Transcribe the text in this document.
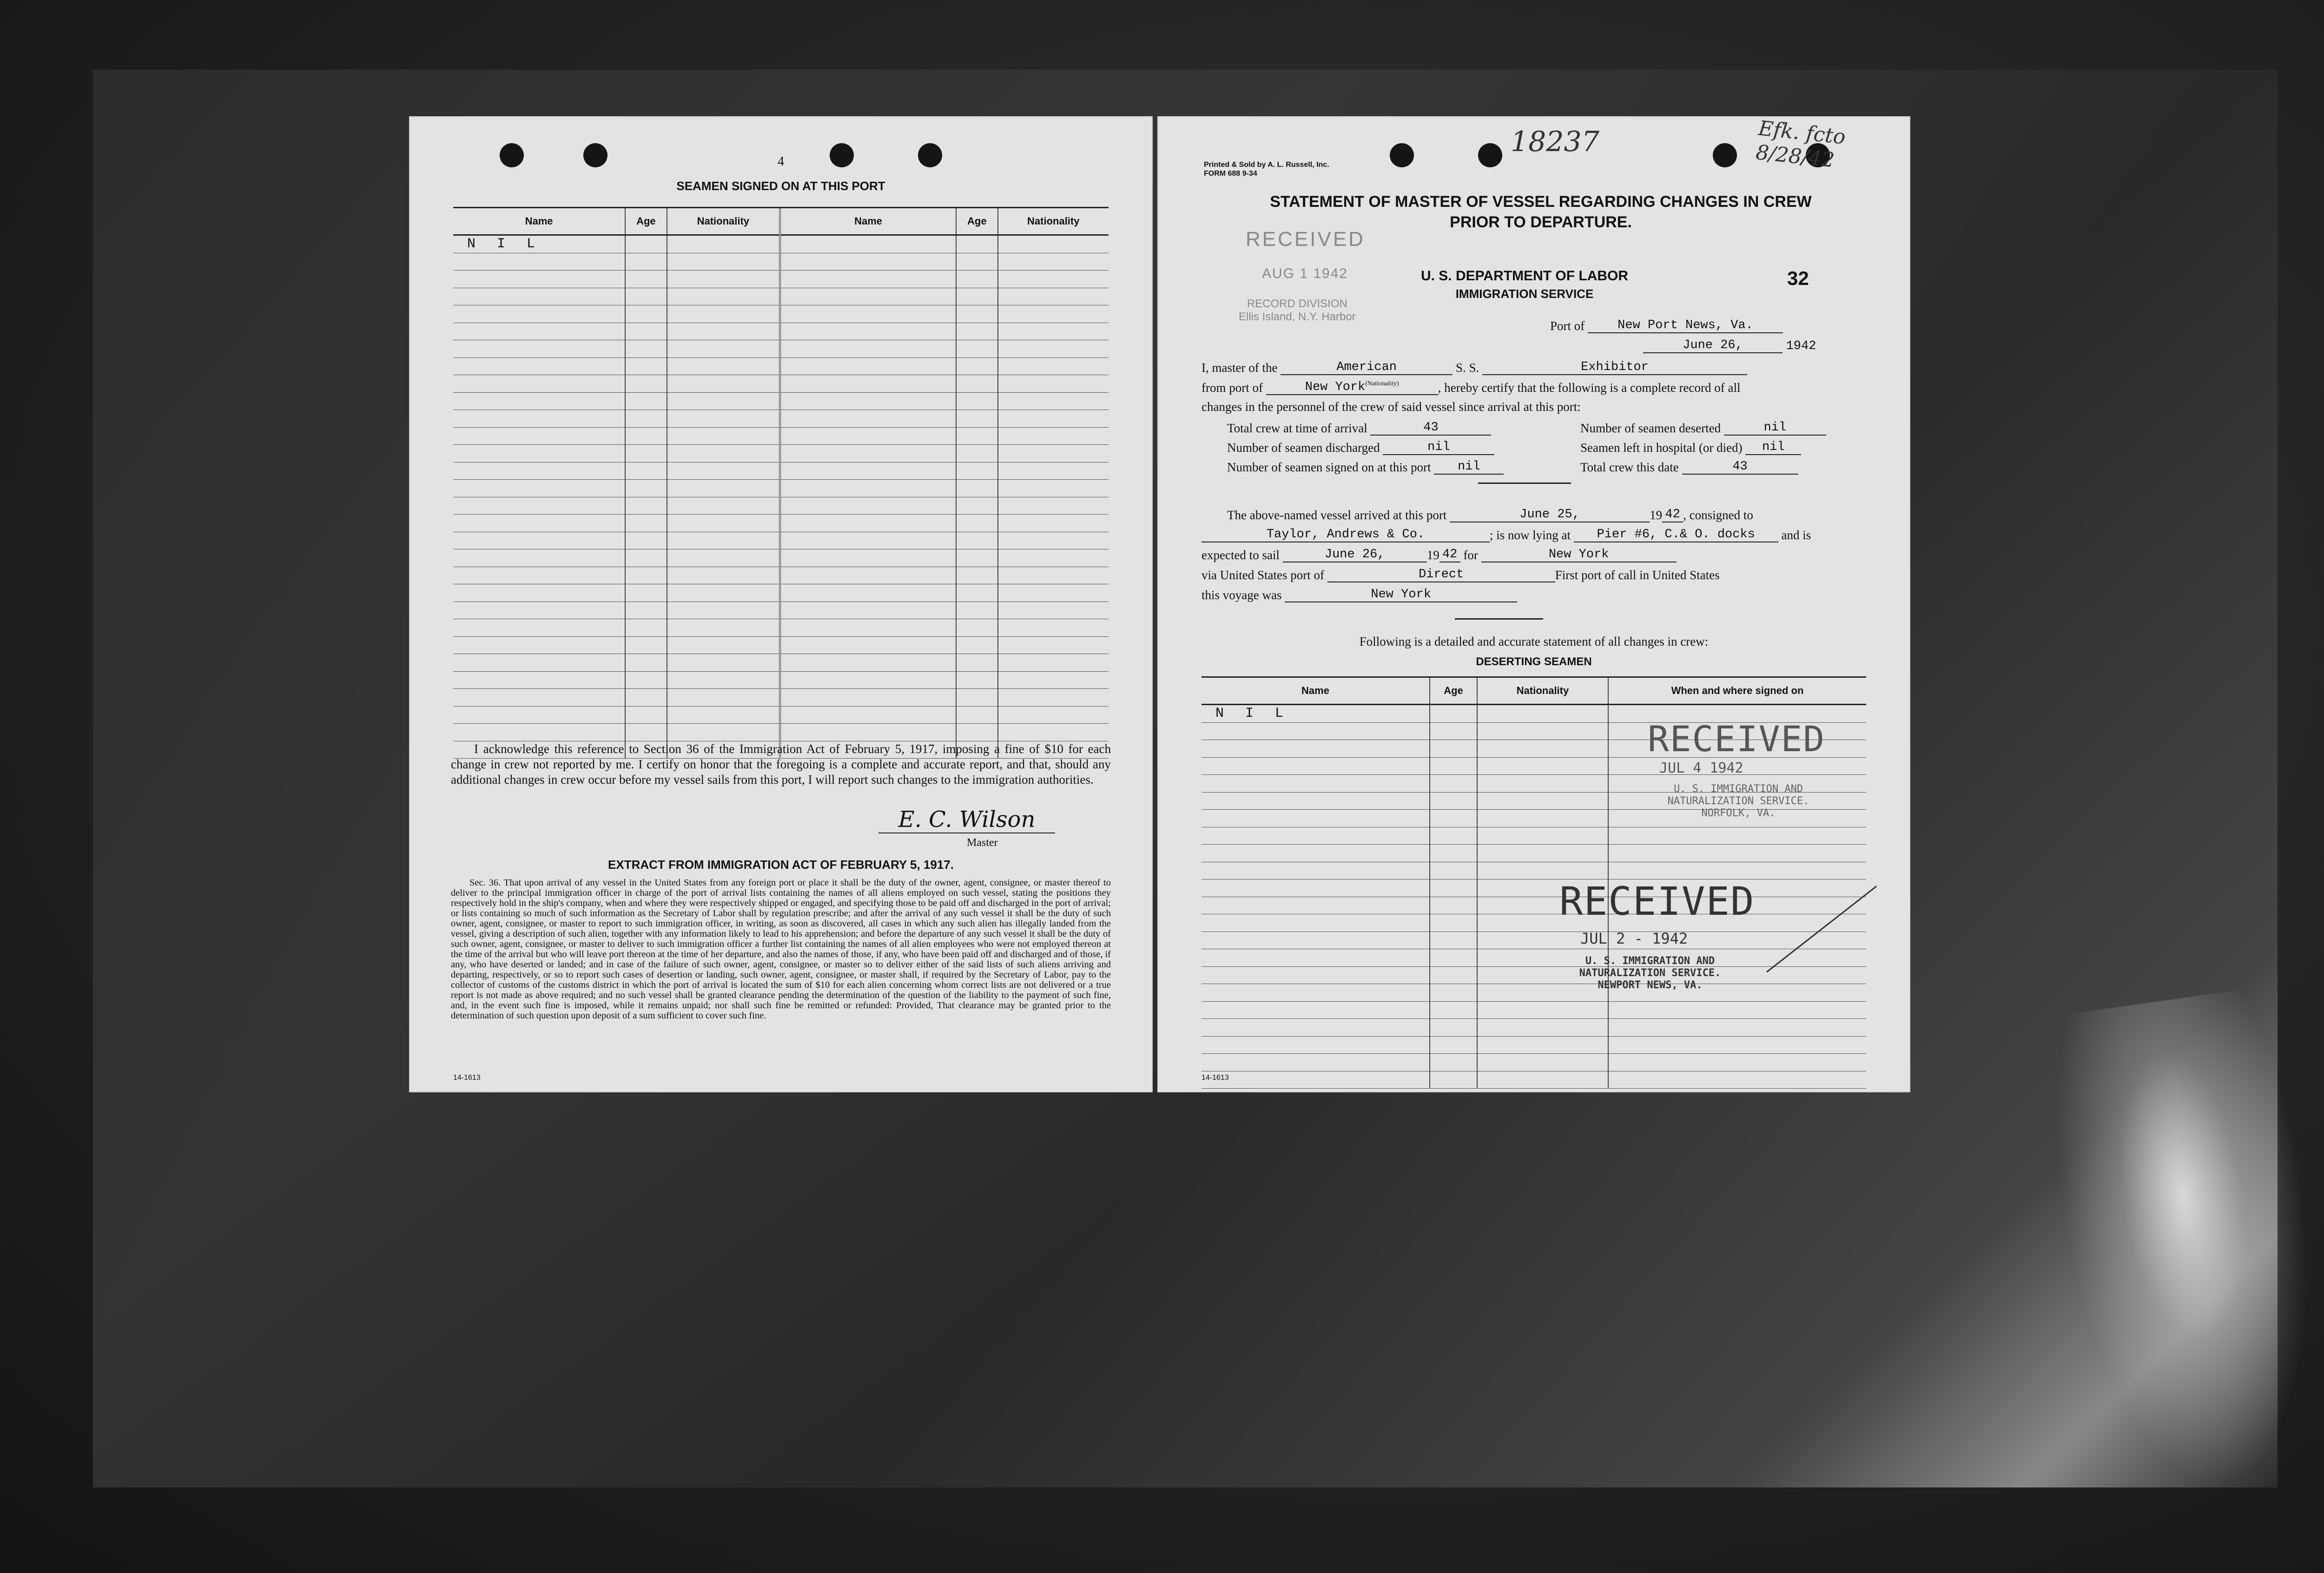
4
SEAMEN SIGNED ON AT THIS PORT
Name	Age	Nationality	Name	Age	Nationality
N I L					

I acknowledge this reference to Section 36 of the Immigration Act of February 5, 1917, imposing a fine of $10 for each change in crew not reported by me. I certify on honor that the foregoing is a complete and accurate report, and that, should any additional changes in crew occur before my vessel sails from this port, I will report such changes to the immigration authorities.
E. C. Wilson
Master
EXTRACT FROM IMMIGRATION ACT OF FEBRUARY 5, 1917.
Sec. 36. That upon arrival of any vessel in the United States from any foreign port or place it shall be the duty of the owner, agent, consignee, or master thereof to deliver to the principal immigration officer in charge of the port of arrival lists containing the names of all aliens employed on such vessel, stating the positions they respectively hold in the ship's company, when and where they were respectively shipped or engaged, and specifying those to be paid off and discharged in the port of arrival; or lists containing so much of such information as the Secretary of Labor shall by regulation prescribe; and after the arrival of any such vessel it shall be the duty of such owner, agent, consignee, or master to report to such immigration officer, in writing, as soon as discovered, all cases in which any such alien has illegally landed from the vessel, giving a description of such alien, together with any information likely to lead to his apprehension; and before the departure of any such vessel it shall be the duty of such owner, agent, consignee, or master to deliver to such immigration officer a further list containing the names of all alien employees who were not employed thereon at the time of the arrival but who will leave port thereon at the time of her departure, and also the names of those, if any, who have been paid off and discharged and of those, if any, who have deserted or landed; and in case of the failure of such owner, agent, consignee, or master so to deliver either of the said lists of such aliens arriving and departing, respectively, or so to report such cases of desertion or landing, such owner, agent, consignee, or master shall, if required by the Secretary of Labor, pay to the collector of customs of the customs district in which the port of arrival is located the sum of $10 for each alien concerning whom correct lists are not delivered or a true report is not made as above required; and no such vessel shall be granted clearance pending the determination of the question of the liability to the payment of such fine, and, in the event such fine is imposed, while it remains unpaid; nor shall such fine be remitted or refunded: Provided, That clearance may be granted prior to the determination of such question upon deposit of a sum sufficient to cover such fine.
14-1613
Printed & Sold by A. L. Russell, Inc.
FORM 688 9-34
18237	Efk. fcto
8/28/42
STATEMENT OF MASTER OF VESSEL REGARDING CHANGES IN CREW
PRIOR TO DEPARTURE.
RECEIVED
AUG 1 1942
RECORD DIVISION
Ellis Island, N.Y. Harbor
U. S. DEPARTMENT OF LABOR
IMMIGRATION SERVICE
32
Port of	New Port News, Va.
June 26,	1942
I, master of the	American	S. S.	Exhibitor
from port of	New York$^{(Nationality)}$	, hereby certify that the following is a complete record of all
changes in the personnel of the crew of said vessel since arrival at this port:
Total crew at time of arrival	43	Number of seamen deserted	nil
Number of seamen discharged	nil	Seamen left in hospital (or died) nil
Number of seamen signed on at this port nil	Total crew this date	43
The above-named vessel arrived at this port	June 25,	19 42 , consigned to
Taylor, Andrews & Co.	; is now lying at Pier #6, C.& O. docks and is
expected to sail	June 26,	19 42 for	New York
via United States port of	Direct	First port of call in United States
this voyage was	New York
Following is a detailed and accurate statement of all changes in crew:
DESERTING SEAMEN
Name	Age	Nationality	When and where signed on
N I L			

RECEIVED
JUL 4 1942
U. S. IMMIGRATION AND
NATURALIZATION SERVICE.
NORFOLK, VA.
RECEIVED
JUL 2 - 1942
U. S. IMMIGRATION AND
NATURALIZATION SERVICE.
NEWPORT NEWS, VA.
14-1613
